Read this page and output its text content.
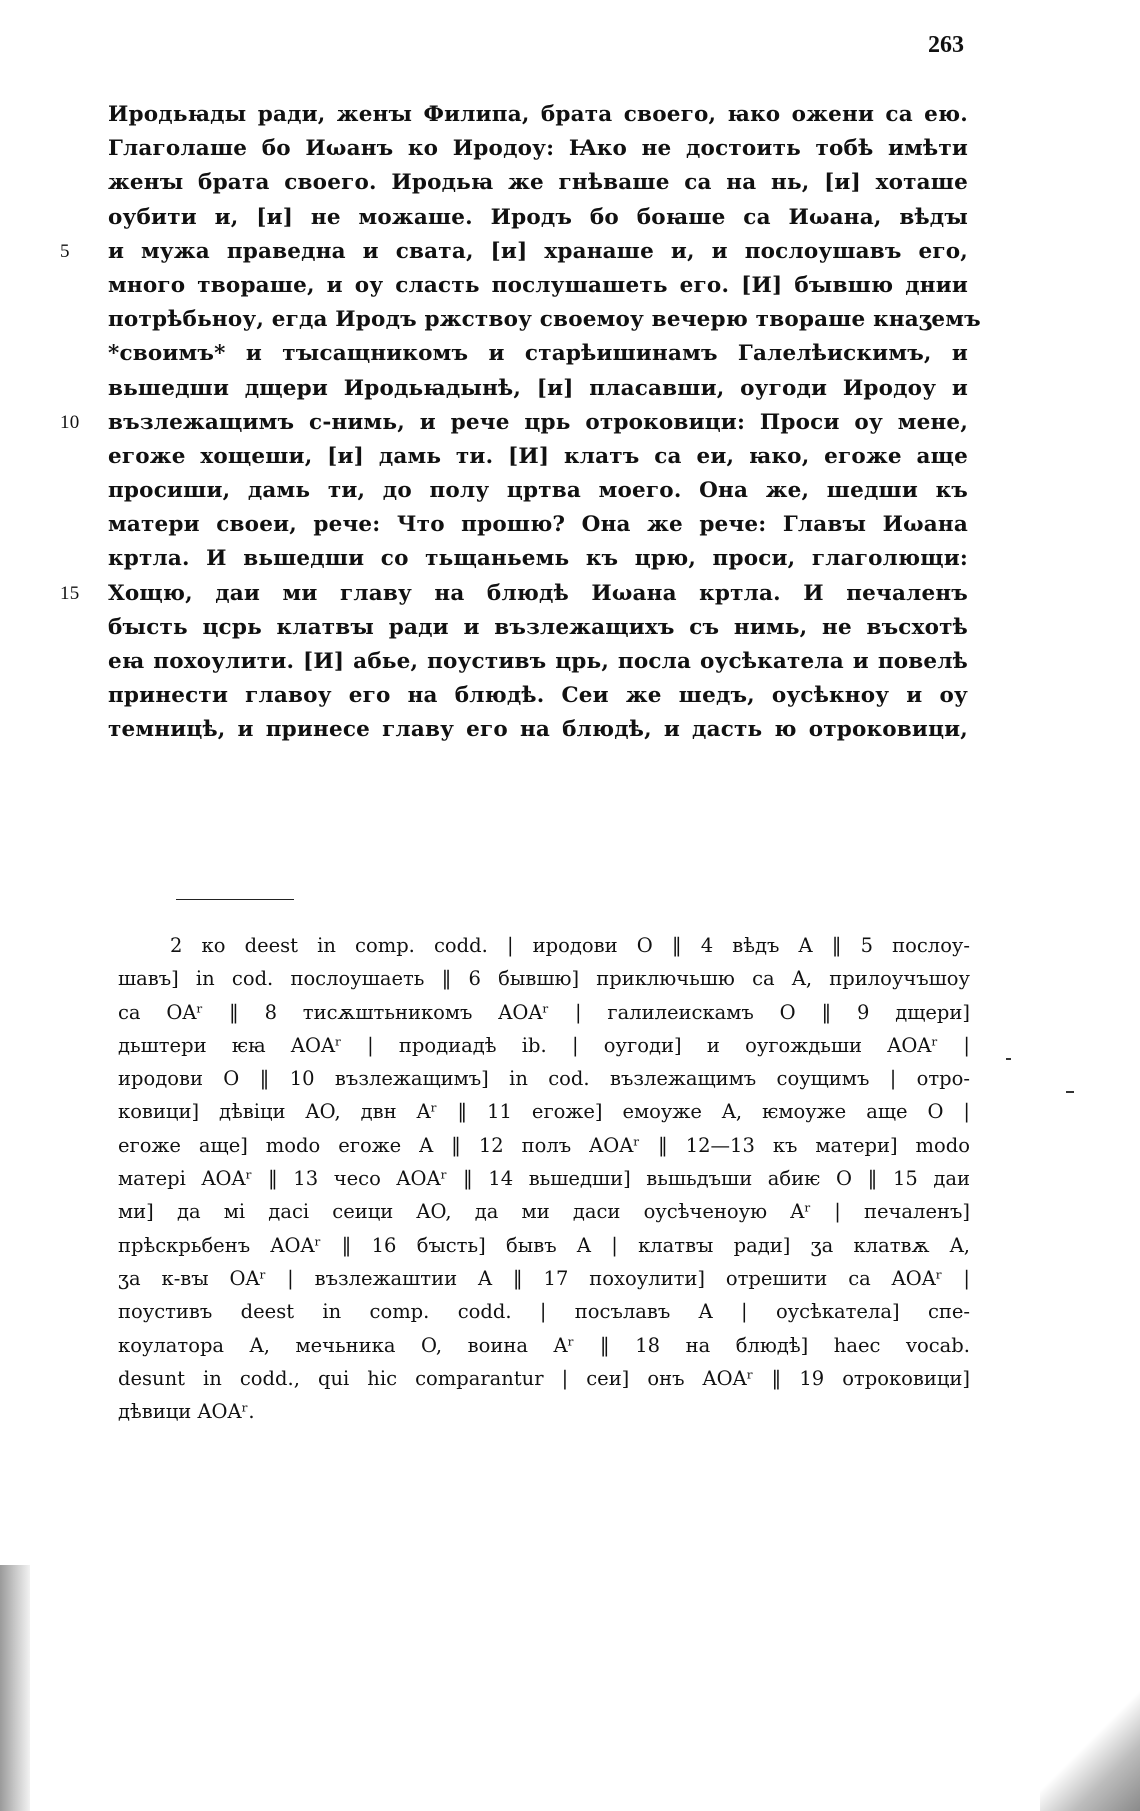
263
Иродьꙗды ради, женꙑ Филипа, брата своего, ꙗко ожени са ею.
Глаголаше бо Иωанъ ко Иродоу: Ꙗко не достоить тобѣ имѣти
женꙑ брата своего. Иродьꙗ же гнѣваше са на нь, [и] хоташе
оубити и, [и] не можаше. Иродъ бо боꙗше са Иωана, вѣдꙑ
5	и мужа праведна и свата, [и] хранаше и, и послоушавъ его,
много твораше, и оу сласть послушашеть его. [И] бꙑвшю днии
потрѣбьноу, егда Иродъ ржствоу своемоу вечерю твораше кнаӡемъ
*своимъ* и тꙑсащникомъ и старѣишинамъ Галелѣискимъ, и
вьшедши дщери Иродьꙗдынѣ, [и] плаcавши, оугоди Иродоу и
10	възлежащимъ с-нимь, и рече црь отроковици: Проси оу мене,
егоже хощеши, [и] дамь ти. [И] клатъ са еи, ꙗко, егоже аще
просиши, дамь ти, до полу цртва моего. Она же, шедши къ
матери своеи, рече: Что прошю? Она же рече: Главꙑ Иωана
кртла. И вьшедши со тьщаньемь къ црю, проси, глаголющи:
15	Хощю, даи ми главу на блюдѣ Иωана кртла. И печаленъ
бꙑсть цсрь клатвꙑ ради и възлежащихъ съ нимь, не въсхотѣ
еꙗ похоулити. [И] абье, поустивъ црь, посла оусѣкатела и повелѣ
принести главоу его на блюдѣ. Сеи же шедъ, оусѣкноу и оу
темницѣ, и принесе главу его на блюдѣ, и дасть ю отроковици,
2 ко deest in comp. codd. | иродови O ‖ 4 вѣдъ A ‖ 5 послоу-
шавъ] in cod. послоушаеть ‖ 6 бывшю] приключьшю са A, прилоучъшоу
са OAʳ ‖ 8 тисѫштьникомъ AOAʳ | галилеискамъ O ‖ 9 дщери]
дьштери ѥꙗ AOAʳ | продиадѣ ib. | оугоди] и оугождьши AOAʳ |
иродови O ‖ 10 възлежащимъ] in cod. възлежащимъ соущимъ | отро-
ковици] дѣвіци AO, двн Aʳ ‖ 11 егоже] емоуже A, ѥмоуже аще O |
егоже аще] modo егоже A ‖ 12 полъ AOAʳ ‖ 12—13 къ матери] modo
матері AOAʳ ‖ 13 чесо AOAʳ ‖ 14 вьшедши] вьшьдъши абиѥ O ‖ 15 даи
ми] да мі дасі сеици AO, да ми даси оусѣченоую Aʳ | печаленъ]
прѣскрьбенъ AOAʳ ‖ 16 бꙑсть] бывъ A | клатвꙑ ради] ӡа клатвѫ A,
ӡа к-вꙑ OAʳ | възлежаштии A ‖ 17 похоулити] отрешити са AOAʳ |
поустивъ deest in comp. codd. | посълавъ A | оусѣкатела] спе-
коулатора A, мечьника O, воина Aʳ ‖ 18 на блюдѣ] haec vocab.
desunt in codd., qui hic comparantur | сеи] онъ AOAʳ ‖ 19 отроковици]
дѣвици AOAʳ.
